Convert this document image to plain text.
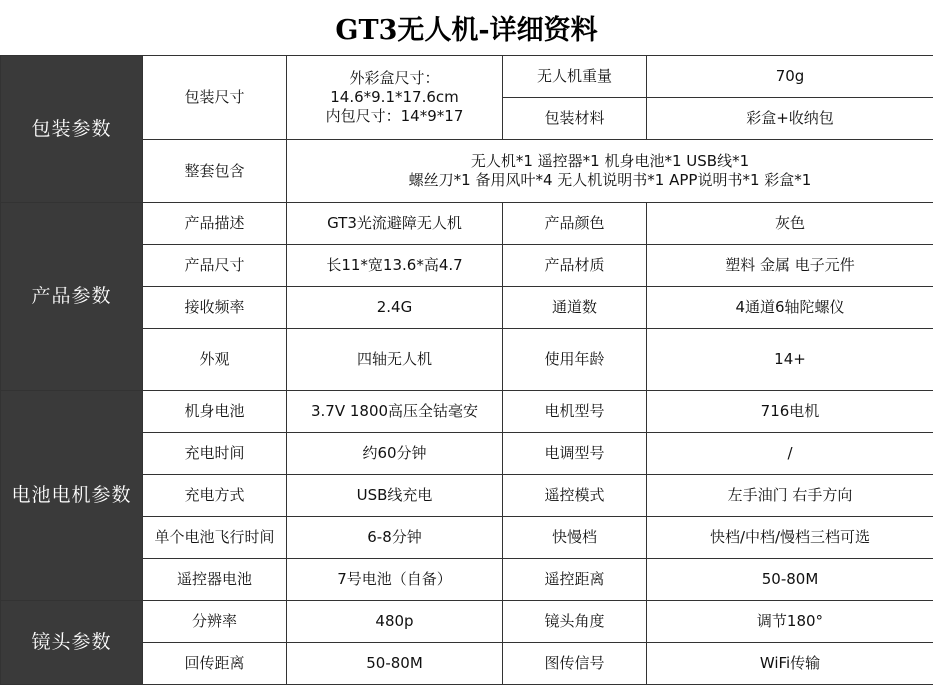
GT3无人机-详细资料
包装参数	包装尺寸	外彩盒尺寸：
14.6*9.1*17.6cm
内包尺寸：14*9*17	无人机重量	70g
			包装材料	彩盒+收纳包
	整套包含	无人机*1 遥控器*1 机身电池*1 USB线*1
螺丝刀*1 备用风叶*4 无人机说明书*1 APP说明书*1 彩盒*1		

产品参数	产品描述	GT3光流避障无人机	产品颜色	灰色
	产品尺寸	长11*宽13.6*高4.7	产品材质	塑料 金属 电子元件
	接收频率	2.4G	通道数	4通道6轴陀螺仪
	外观	四轴无人机	使用年龄	14+
电池电机参数	机身电池	3.7V 1800高压全钴毫安	电机型号	716电机
	充电时间	约60分钟	电调型号	/
	充电方式	USB线充电	遥控模式	左手油门 右手方向
	单个电池飞行时间	6-8分钟	快慢档	快档/中档/慢档三档可选
	遥控器电池	7号电池（自备）	遥控距离	50-80M
镜头参数	分辨率	480p	镜头角度	调节180°
	回传距离	50-80M	图传信号	WiFi传输
